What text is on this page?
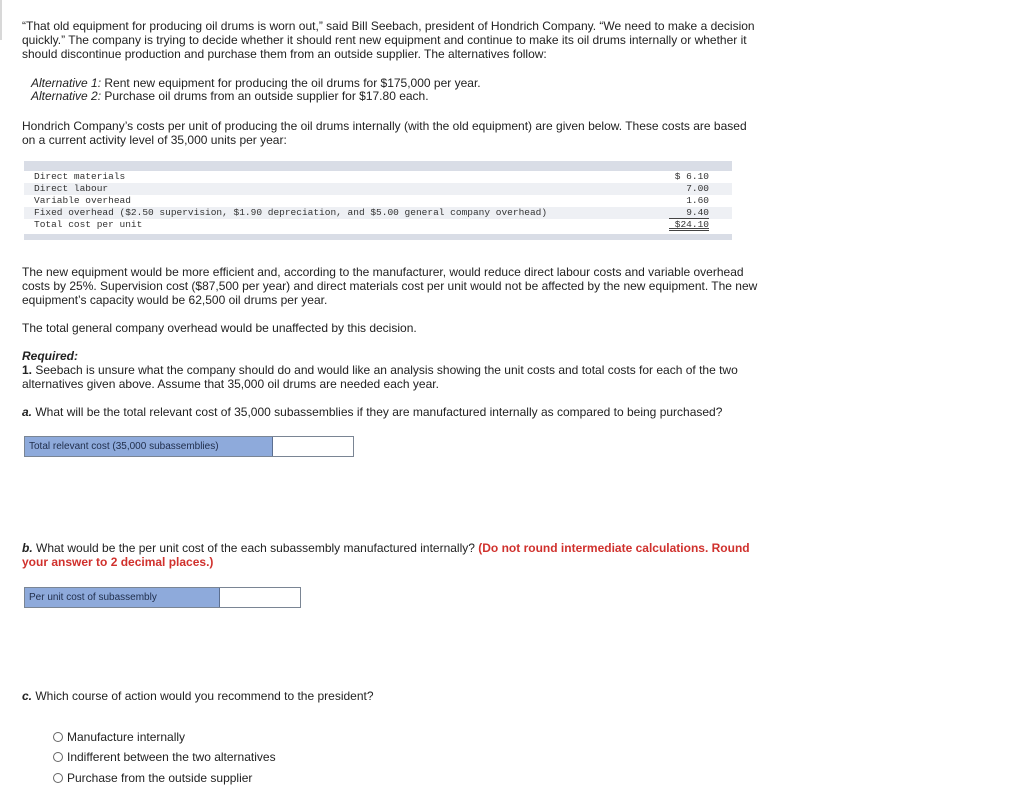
“That old equipment for producing oil drums is worn out,” said Bill Seebach, president of Hondrich Company. “We need to make a decision quickly.” The company is trying to decide whether it should rent new equipment and continue to make its oil drums internally or whether it should discontinue production and purchase them from an outside supplier. The alternatives follow:

Alternative 1: Rent new equipment for producing the oil drums for $175,000 per year.

Alternative 2: Purchase oil drums from an outside supplier for $17.80 each.

Hondrich Company’s costs per unit of producing the oil drums internally (with the old equipment) are given below. These costs are based on a current activity level of 35,000 units per year:

Direct materials	$ 6.10
Direct labour	7.00
Variable overhead	1.60
Fixed overhead ($2.50 supervision, $1.90 depreciation, and $5.00 general company overhead)	9.40
Total cost per unit	$24.10

The new equipment would be more efficient and, according to the manufacturer, would reduce direct labour costs and variable overhead costs by 25%. Supervision cost ($87,500 per year) and direct materials cost per unit would not be affected by the new equipment. The new equipment’s capacity would be 62,500 oil drums per year.

The total general company overhead would be unaffected by this decision.

Required:

1. Seebach is unsure what the company should do and would like an analysis showing the unit costs and total costs for each of the two alternatives given above. Assume that 35,000 oil drums are needed each year.

a. What will be the total relevant cost of 35,000 subassemblies if they are manufactured internally as compared to being purchased?

Total relevant cost (35,000 subassemblies)

b. What would be the per unit cost of the each subassembly manufactured internally? (Do not round intermediate calculations. Round your answer to 2 decimal places.)

Per unit cost of subassembly

c. Which course of action would you recommend to the president?

Manufacture internally
Indifferent between the two alternatives
Purchase from the outside supplier
